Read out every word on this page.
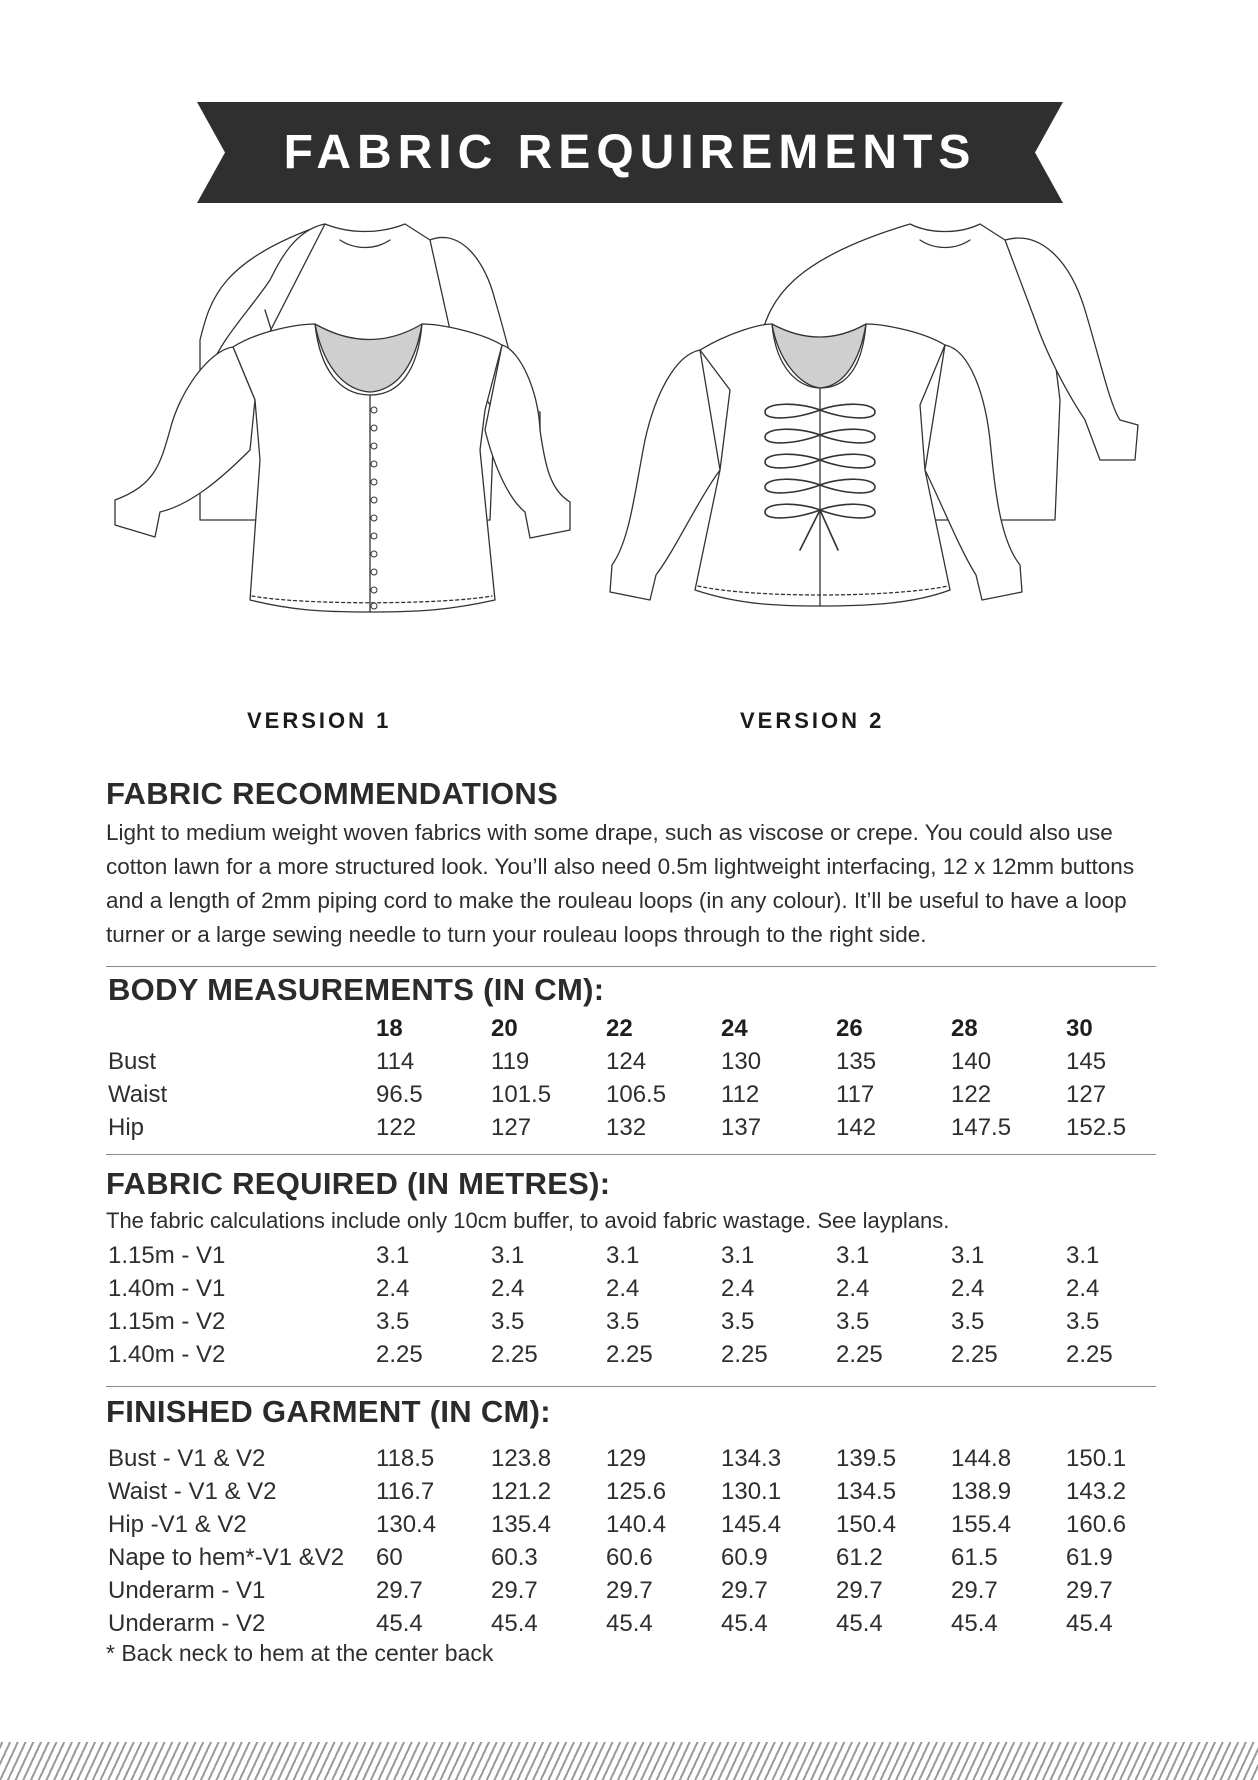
FABRIC REQUIREMENTS
VERSION 1	VERSION 2
FABRIC RECOMMENDATIONS
Light to medium weight woven fabrics with some drape, such as viscose or crepe. You could also use
cotton lawn for a more structured look. You’ll also need 0.5m lightweight interfacing, 12 x 12mm buttons
and a length of 2mm piping cord to make the rouleau loops (in any colour). It’ll be useful to have a loop
turner or a large sewing needle to turn your rouleau loops through to the right side.
BODY MEASUREMENTS (IN CM):
18	20	22	24	26	28	30
Bust	114	119	124	130	135	140	145
Waist	96.5	101.5 106.5 112	117	122	127
Hip	122	127	132	137	142	147.5 152.5
FABRIC REQUIRED (IN METRES):
The fabric calculations include only 10cm buffer, to avoid fabric wastage. See layplans.
1.15m - V1	3.1	3.1	3.1	3.1	3.1	3.1	3.1
1.40m - V1	2.4	2.4	2.4	2.4	2.4	2.4	2.4
1.15m - V2	3.5	3.5	3.5	3.5	3.5	3.5	3.5
1.40m - V2	2.25	2.25	2.25	2.25	2.25	2.25	2.25
FINISHED GARMENT (IN CM):
Bust - V1 & V2	118.5 123.8 129	134.3 139.5 144.8 150.1
Waist - V1 & V2	116.7 121.2 125.6 130.1 134.5 138.9 143.2
Hip -V1 & V2	130.4 135.4 140.4 145.4 150.4 155.4 160.6
Nape to hem*-V1 &V2 60	60.3	60.6	60.9	61.2	61.5	61.9
Underarm - V1	29.7	29.7	29.7	29.7	29.7	29.7	29.7
Underarm - V2	45.4	45.4	45.4	45.4	45.4	45.4	45.4
* Back neck to hem at the center back
